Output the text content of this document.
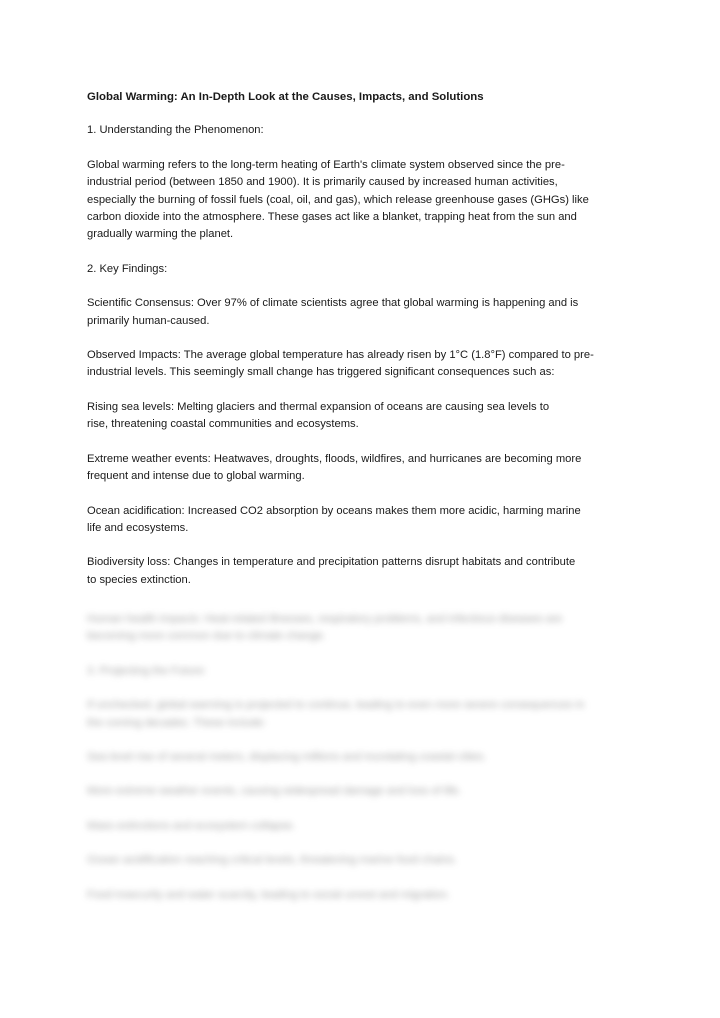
Global Warming: An In-Depth Look at the Causes, Impacts, and Solutions

1. Understanding the Phenomenon:

Global warming refers to the long-term heating of Earth's climate system observed since the pre-

industrial period (between 1850 and 1900). It is primarily caused by increased human activities,

especially the burning of fossil fuels (coal, oil, and gas), which release greenhouse gases (GHGs) like

carbon dioxide into the atmosphere. These gases act like a blanket, trapping heat from the sun and

gradually warming the planet.

2. Key Findings:

Scientific Consensus: Over 97% of climate scientists agree that global warming is happening and is

primarily human-caused.

Observed Impacts: The average global temperature has already risen by 1°C (1.8°F) compared to pre-

industrial levels. This seemingly small change has triggered significant consequences such as:

Rising sea levels: Melting glaciers and thermal expansion of oceans are causing sea levels to

rise, threatening coastal communities and ecosystems.

Extreme weather events: Heatwaves, droughts, floods, wildfires, and hurricanes are becoming more

frequent and intense due to global warming.

Ocean acidification: Increased CO2 absorption by oceans makes them more acidic, harming marine

life and ecosystems.

Biodiversity loss: Changes in temperature and precipitation patterns disrupt habitats and contribute

to species extinction.

Human health impacts: Heat-related illnesses, respiratory problems, and infectious diseases are

becoming more common due to climate change.

3. Projecting the Future:

If unchecked, global warming is projected to continue, leading to even more severe consequences in

the coming decades. These include:

Sea level rise of several meters, displacing millions and inundating coastal cities.

More extreme weather events, causing widespread damage and loss of life.

Mass extinctions and ecosystem collapse.

Ocean acidification reaching critical levels, threatening marine food chains.

Food insecurity and water scarcity, leading to social unrest and migration.
